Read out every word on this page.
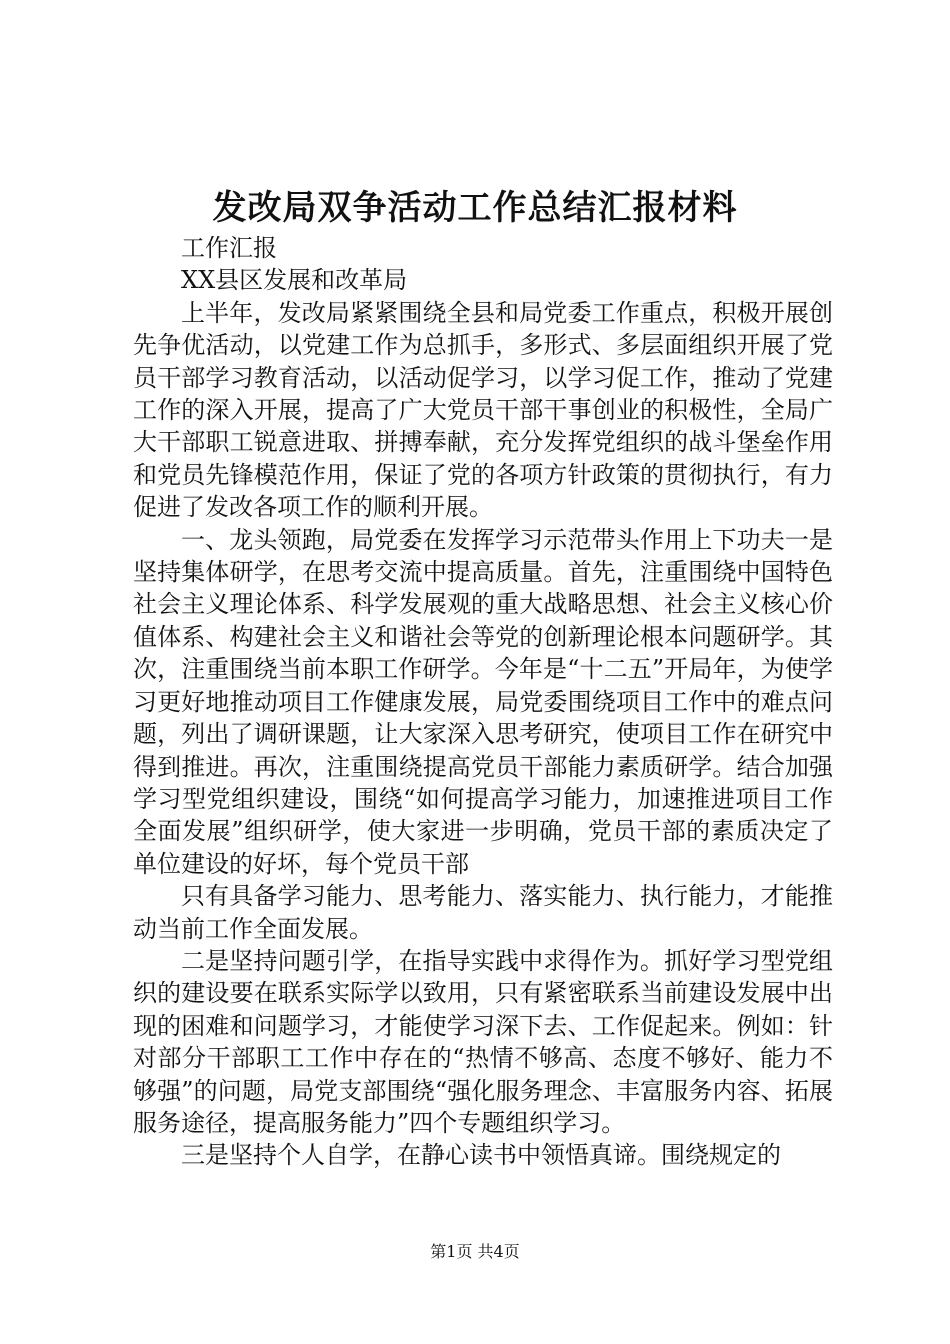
发改局双争活动工作总结汇报材料

工作汇报

XX县区发展和改革局

上半年，发改局紧紧围绕全县和局党委工作重点，积极开展创先争优活动，以党建工作为总抓手，多形式、多层面组织开展了党员干部学习教育活动，以活动促学习，以学习促工作，推动了党建工作的深入开展，提高了广大党员干部干事创业的积极性，全局广大干部职工锐意进取、拼搏奉献，充分发挥党组织的战斗堡垒作用和党员先锋模范作用，保证了党的各项方针政策的贯彻执行，有力促进了发改各项工作的顺利开展。

一、龙头领跑，局党委在发挥学习示范带头作用上下功夫一是坚持集体研学，在思考交流中提高质量。首先，注重围绕中国特色社会主义理论体系、科学发展观的重大战略思想、社会主义核心价值体系、构建社会主义和谐社会等党的创新理论根本问题研学。其次，注重围绕当前本职工作研学。今年是“十二五”开局年，为使学习更好地推动项目工作健康发展，局党委围绕项目工作中的难点问题，列出了调研课题，让大家深入思考研究，使项目工作在研究中得到推进。再次，注重围绕提高党员干部能力素质研学。结合加强学习型党组织建设，围绕“如何提高学习能力，加速推进项目工作全面发展”组织研学，使大家进一步明确，党员干部的素质决定了单位建设的好坏，每个党员干部

只有具备学习能力、思考能力、落实能力、执行能力，才能推动当前工作全面发展。

二是坚持问题引学，在指导实践中求得作为。抓好学习型党组织的建设要在联系实际学以致用，只有紧密联系当前建设发展中出现的困难和问题学习，才能使学习深下去、工作促起来。例如：针对部分干部职工工作中存在的“热情不够高、态度不够好、能力不够强”的问题，局党支部围绕“强化服务理念、丰富服务内容、拓展服务途径，提高服务能力”四个专题组织学习。

三是坚持个人自学，在静心读书中领悟真谛。围绕规定的

第1页 共4页
